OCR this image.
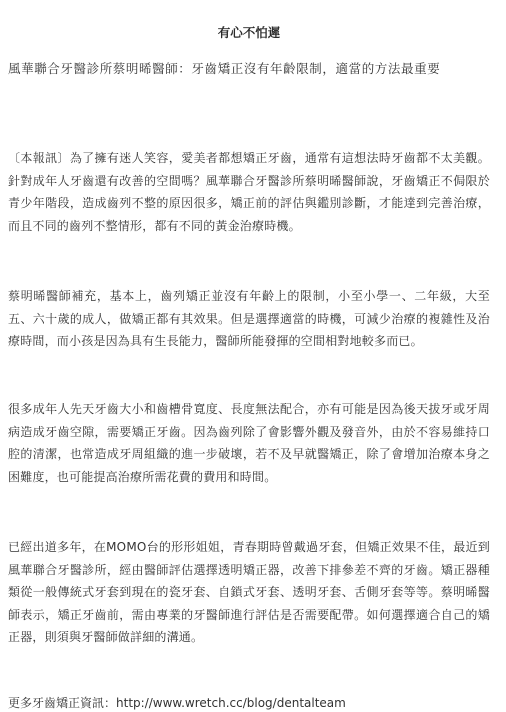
有心不怕遲
風華聯合牙醫診所蔡明晞醫師：牙齒矯正沒有年齡限制，適當的方法最重要

〔本報訊〕為了擁有迷人笑容，愛美者都想矯正牙齒，通常有這想法時牙齒都不太美觀。針對成年人牙齒還有改善的空間嗎？風華聯合牙醫診所蔡明晞醫師說，牙齒矯正不侷限於青少年階段，造成齒列不整的原因很多，矯正前的評估與鑑別診斷，才能達到完善治療，而且不同的齒列不整情形，都有不同的黃金治療時機。

蔡明晞醫師補充，基本上，齒列矯正並沒有年齡上的限制，小至小學一、二年級，大至五、六十歲的成人，做矯正都有其效果。但是選擇適當的時機，可減少治療的複雜性及治療時間，而小孩是因為具有生長能力，醫師所能發揮的空間相對地較多而已。

很多成年人先天牙齒大小和齒槽骨寬度、長度無法配合，亦有可能是因為後天拔牙或牙周病造成牙齒空隙，需要矯正牙齒。因為齒列除了會影響外觀及發音外，由於不容易維持口腔的清潔，也常造成牙周組織的進一步破壞，若不及早就醫矯正，除了會增加治療本身之困難度，也可能提高治療所需花費的費用和時間。

已經出道多年，在MOMO台的形形姐姐，青春期時曾戴過牙套，但矯正效果不佳，最近到風華聯合牙醫診所，經由醫師評估選擇透明矯正器，改善下排參差不齊的牙齒。矯正器種類從一般傳統式牙套到現在的瓷牙套、自鎖式牙套、透明牙套、舌側牙套等等。蔡明晞醫師表示，矯正牙齒前，需由專業的牙醫師進行評估是否需要配帶。如何選擇適合自己的矯正器，則須與牙醫師做詳細的溝通。

更多牙齒矯正資訊：http://www.wretch.cc/blog/dentalteam
